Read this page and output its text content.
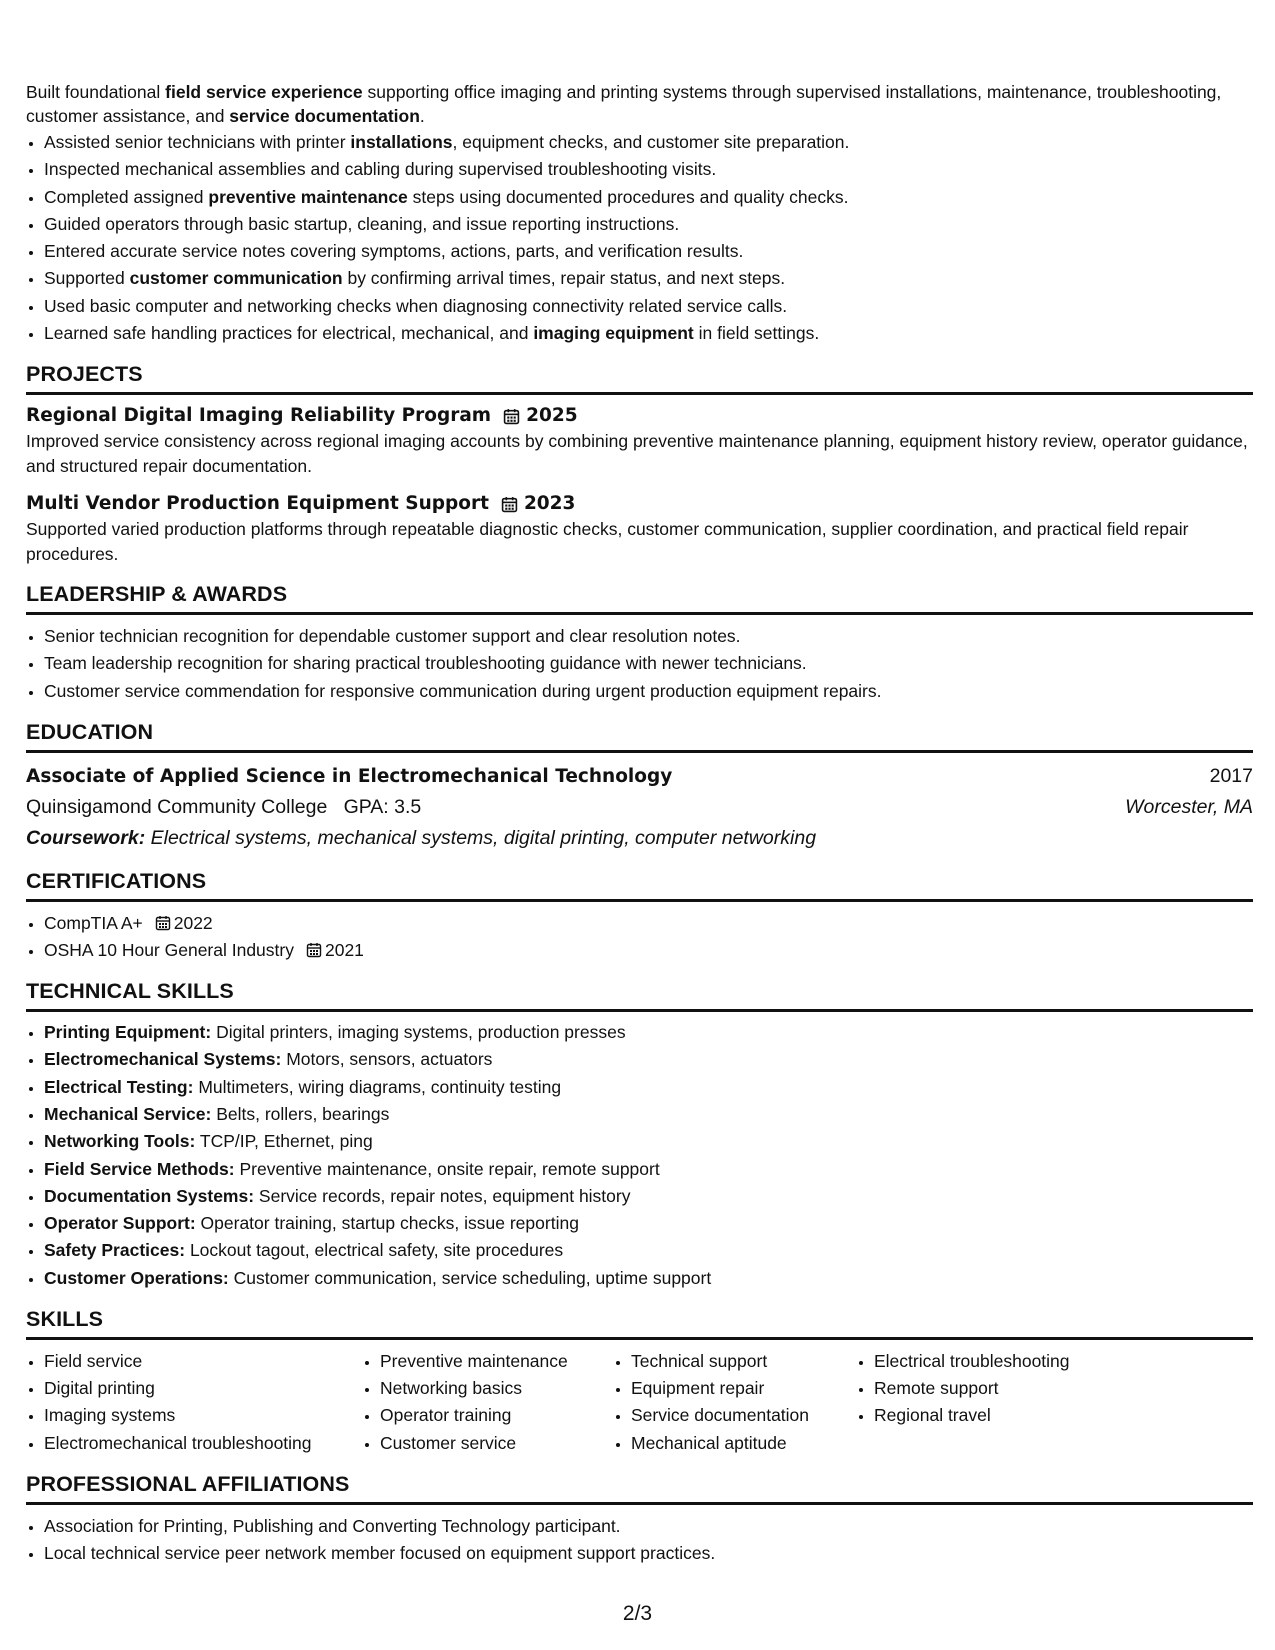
Built foundational field service experience supporting office imaging and printing systems through supervised installations, maintenance, troubleshooting, customer assistance, and service documentation.

• Assisted senior technicians with printer installations, equipment checks, and customer site preparation.
• Inspected mechanical assemblies and cabling during supervised troubleshooting visits.
• Completed assigned preventive maintenance steps using documented procedures and quality checks.
• Guided operators through basic startup, cleaning, and issue reporting instructions.
• Entered accurate service notes covering symptoms, actions, parts, and verification results.
• Supported customer communication by confirming arrival times, repair status, and next steps.
• Used basic computer and networking checks when diagnosing connectivity related service calls.
• Learned safe handling practices for electrical, mechanical, and imaging equipment in field settings.
PROJECTS
Regional Digital Imaging Reliability Program 2025

Improved service consistency across regional imaging accounts by combining preventive maintenance planning, equipment history review, operator guidance, and structured repair documentation.

Multi Vendor Production Equipment Support 2023

Supported varied production platforms through repeatable diagnostic checks, customer communication, supplier coordination, and practical field repair procedures.

LEADERSHIP & AWARDS
• Senior technician recognition for dependable customer support and clear resolution notes.
• Team leadership recognition for sharing practical troubleshooting guidance with newer technicians.
• Customer service commendation for responsive communication during urgent production equipment repairs.
EDUCATION
Associate of Applied Science in Electromechanical Technology	2017
Quinsigamond Community College GPA: 3.5	Worcester, MA
Coursework: Electrical systems, mechanical systems, digital printing, computer networking
CERTIFICATIONS
• CompTIA A+ 2022
• OSHA 10 Hour General Industry 2021
TECHNICAL SKILLS
• Printing Equipment: Digital printers, imaging systems, production presses
• Electromechanical Systems: Motors, sensors, actuators
• Electrical Testing: Multimeters, wiring diagrams, continuity testing
• Mechanical Service: Belts, rollers, bearings
• Networking Tools: TCP/IP, Ethernet, ping
• Field Service Methods: Preventive maintenance, onsite repair, remote support
• Documentation Systems: Service records, repair notes, equipment history
• Operator Support: Operator training, startup checks, issue reporting
• Safety Practices: Lockout tagout, electrical safety, site procedures
• Customer Operations: Customer communication, service scheduling, uptime support
SKILLS
• Field service
• Digital printing
• Imaging systems
• Electromechanical troubleshooting
• Preventive maintenance
• Networking basics
• Operator training
• Customer service
• Technical support
• Equipment repair
• Service documentation
• Mechanical aptitude
• Electrical troubleshooting
• Remote support
• Regional travel
PROFESSIONAL AFFILIATIONS
• Association for Printing, Publishing and Converting Technology participant.
• Local technical service peer network member focused on equipment support practices.
2/3
